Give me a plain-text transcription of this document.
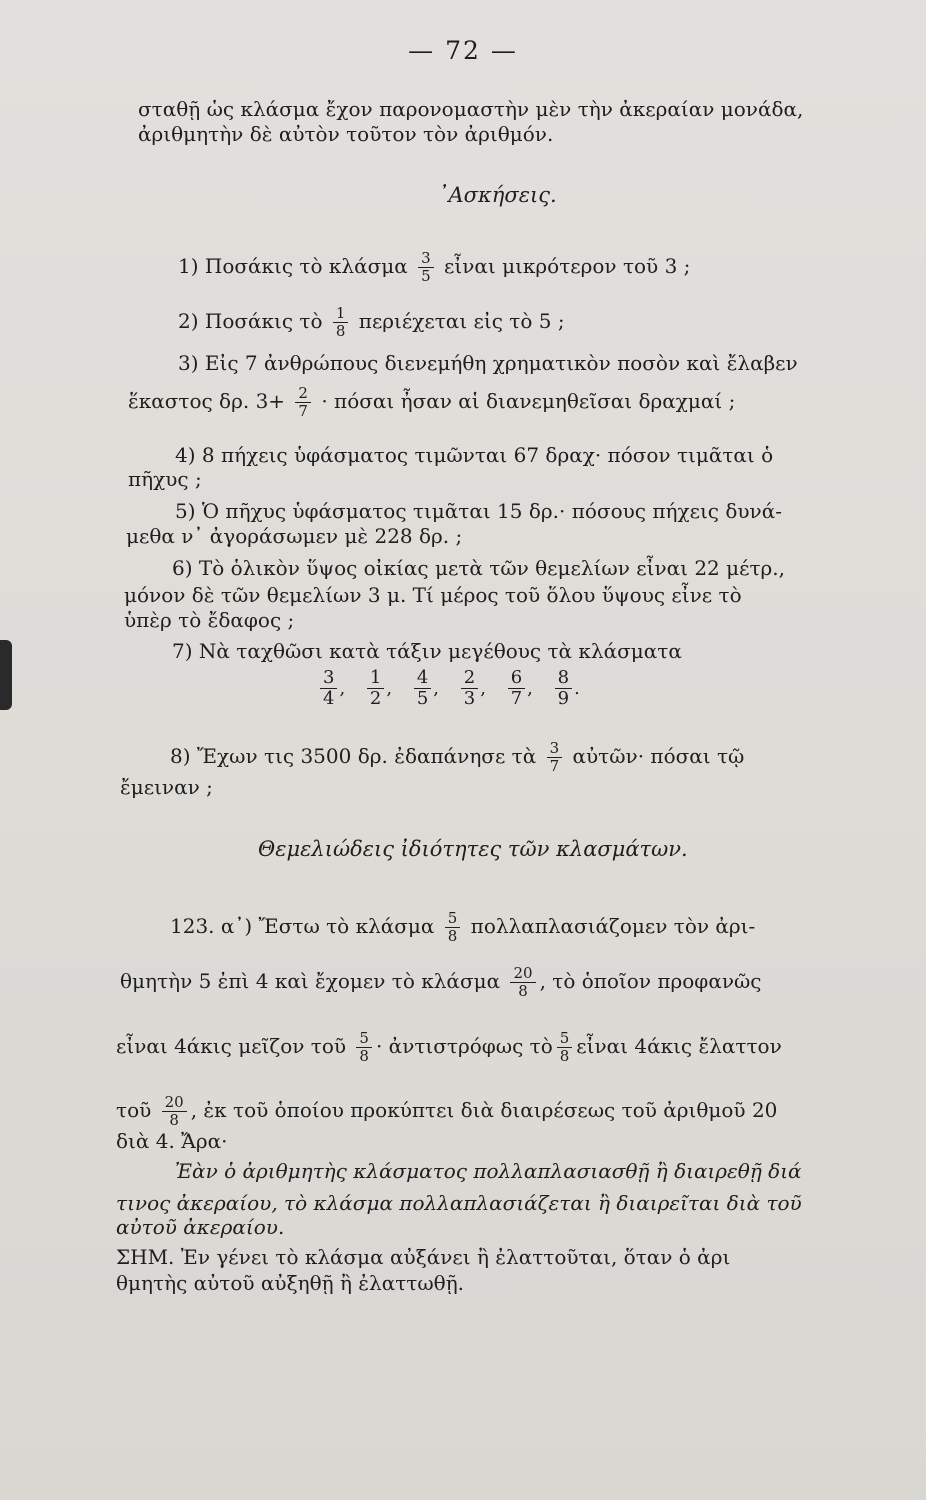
— 72 —
σταθῇ ὡς κλάσμα ἔχον παρονομαστὴν μὲν τὴν ἀκεραίαν μονάδα,
ἀριθμητὴν δὲ αὐτὸν τοῦτον τὸν ἀριθμόν.
᾿Ασκήσεις.
1) Ποσάκις τὸ κλάσμα $\frac{3}{5}$ εἶναι μικρότερον τοῦ 3 ;
2) Ποσάκις τὸ $\frac{1}{8}$ περιέχεται εἰς τὸ 5 ;
3) Εἰς 7 ἀνθρώπους διενεμήθη χρηματικὸν ποσὸν καὶ ἔλαβεν
ἕκαστος δρ. $3+ \frac{2}{7} \cdot \pi ό\sigma\alpha\iota$ ἦσαν αἱ διανεμηθεῖσαι δραχμαί ;
4) 8 πήχεις ὑφάσματος τιμῶνται 67 δραχ· πόσον τιμᾶται ὁ
πῆχυς ;
5) Ὁ πῆχυς ὑφάσματος τιμᾶται 15 δρ.· πόσους πήχεις δυνά-
μεθα ν᾿ ἀγοράσωμεν μὲ 228 δρ. ;
6) Τὸ ὁλικὸν ὕψος οἰκίας μετὰ τῶν θεμελίων εἶναι 22 μέτρ.,
μόνον δὲ τῶν θεμελίων 3 μ. Τί μέρος τοῦ ὅλου ὕψους εἶνε τὸ
ὑπὲρ τὸ ἔδαφος ;
7) Νὰ ταχθῶσι κατὰ τάξιν μεγέθους τὰ κλάσματα
$\frac{3}{4}$ , $\frac{1}{2}$ , $\frac{4}{5}$ , $\frac{2}{3}$ , $\frac{6}{7}$ , $\frac{8}{9}$ .
8) Ἔχων τις 3500 δρ. ἐδαπάνησε τὰ $\frac{3}{7}$ αὐτῶν· πόσαι τῷ
ἔμειναν ;
Θεμελιώδεις ἰδιότητες τῶν κλασμάτων.
123. α᾿) Ἔστω τὸ κλάσμα $\frac{5}{8}$ πολλαπλασιάζομεν τὸν ἀρι-
θμητὴν 5 ἐπὶ 4 καὶ ἔχομεν τὸ κλάσμα $\frac{20}{8}$ , τὸ ὁποῖον προφανῶς
εἶναι 4άκις μεῖζον τοῦ $\frac{5}{8}$ · ἀντιστρόφως τὸ $\frac{5}{8}$ εἶναι 4άκις ἔλαττον
τοῦ $\frac{20}{8}$ , ἐκ τοῦ ὁποίου προκύπτει διὰ διαιρέσεως τοῦ ἀριθμοῦ 20
διὰ 4. Ἄρα·
Ἐὰν ὁ ἀριθμητὴς κλάσματος πολλαπλασιασθῇ ἢ διαιρεθῇ διά
τινος ἀκεραίου, τὸ κλάσμα πολλαπλασιάζεται ἢ διαιρεῖται διὰ τοῦ
αὐτοῦ ἀκεραίου.
ΣΗΜ. Ἐν γένει τὸ κλάσμα αὐξάνει ἢ ἐλαττοῦται, ὅταν ὁ ἀρι
θμητὴς αὐτοῦ αὐξηθῇ ἢ ἐλαττωθῇ.
